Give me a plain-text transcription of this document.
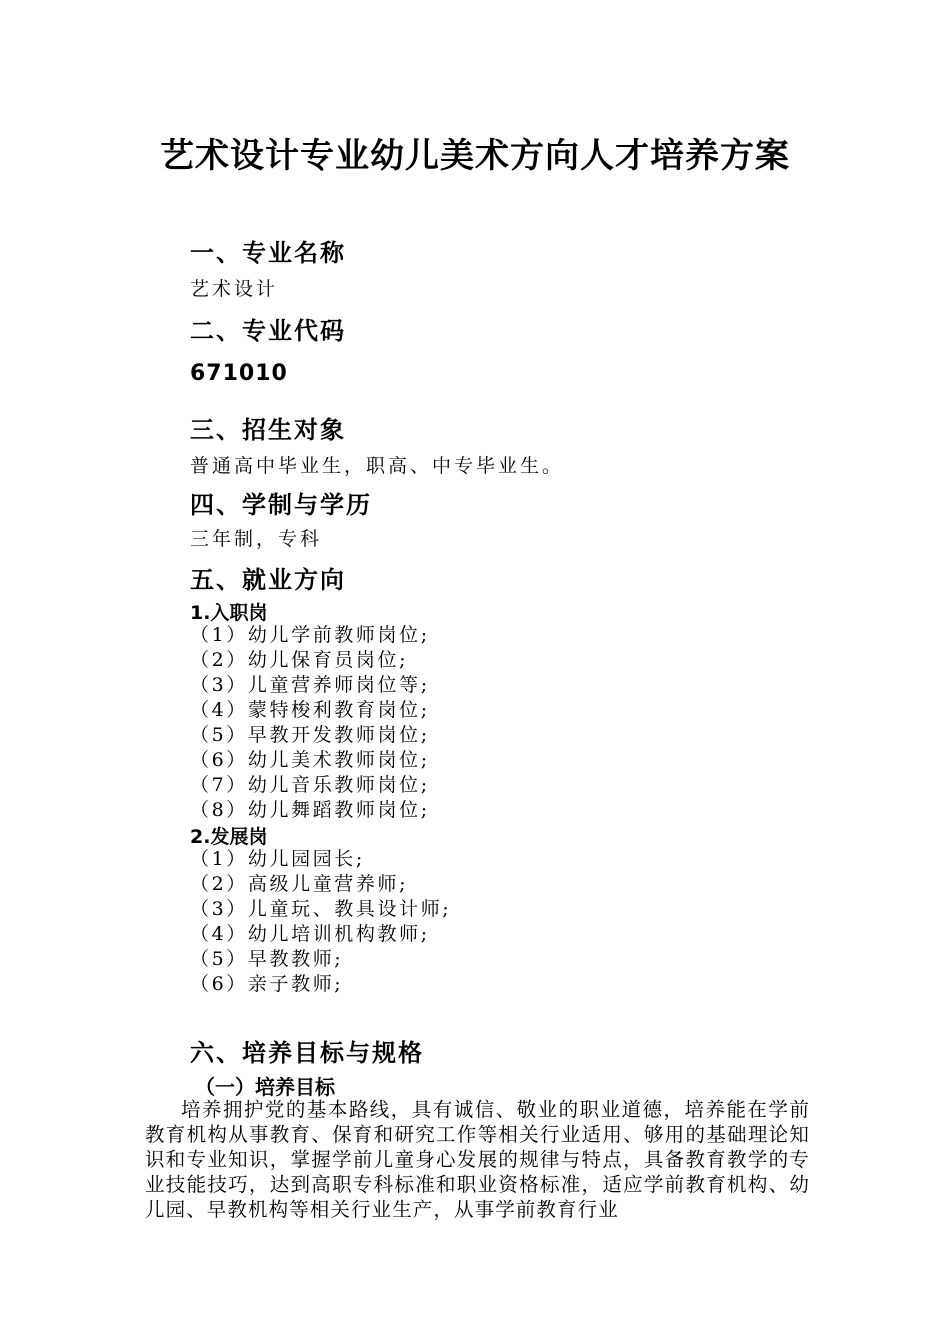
艺术设计专业幼儿美术方向人才培养方案
一、专业名称
艺术设计
二、专业代码
671010
三、招生对象
普通高中毕业生，职高、中专毕业生。
四、学制与学历
三年制，专科
五、就业方向
1.入职岗
（1）幼儿学前教师岗位;
（2）幼儿保育员岗位;
（3）儿童营养师岗位等;
（4）蒙特梭利教育岗位;
（5）早教开发教师岗位;
（6）幼儿美术教师岗位;
（7）幼儿音乐教师岗位;
（8）幼儿舞蹈教师岗位;
2.发展岗
（1）幼儿园园长;
（2）高级儿童营养师;
（3）儿童玩、教具设计师;
（4）幼儿培训机构教师;
（5）早教教师;
（6）亲子教师;
六、培养目标与规格
（一）培养目标

培养拥护党的基本路线，具有诚信、敬业的职业道德，培养能在学前教育机构从事教育、保育和研究工作等相关行业适用、够用的基础理论知识和专业知识，掌握学前儿童身心发展的规律与特点，具备教育教学的专业技能技巧，达到高职专科标准和职业资格标准，适应学前教育机构、幼儿园、早教机构等相关行业生产，从事学前教育行业
